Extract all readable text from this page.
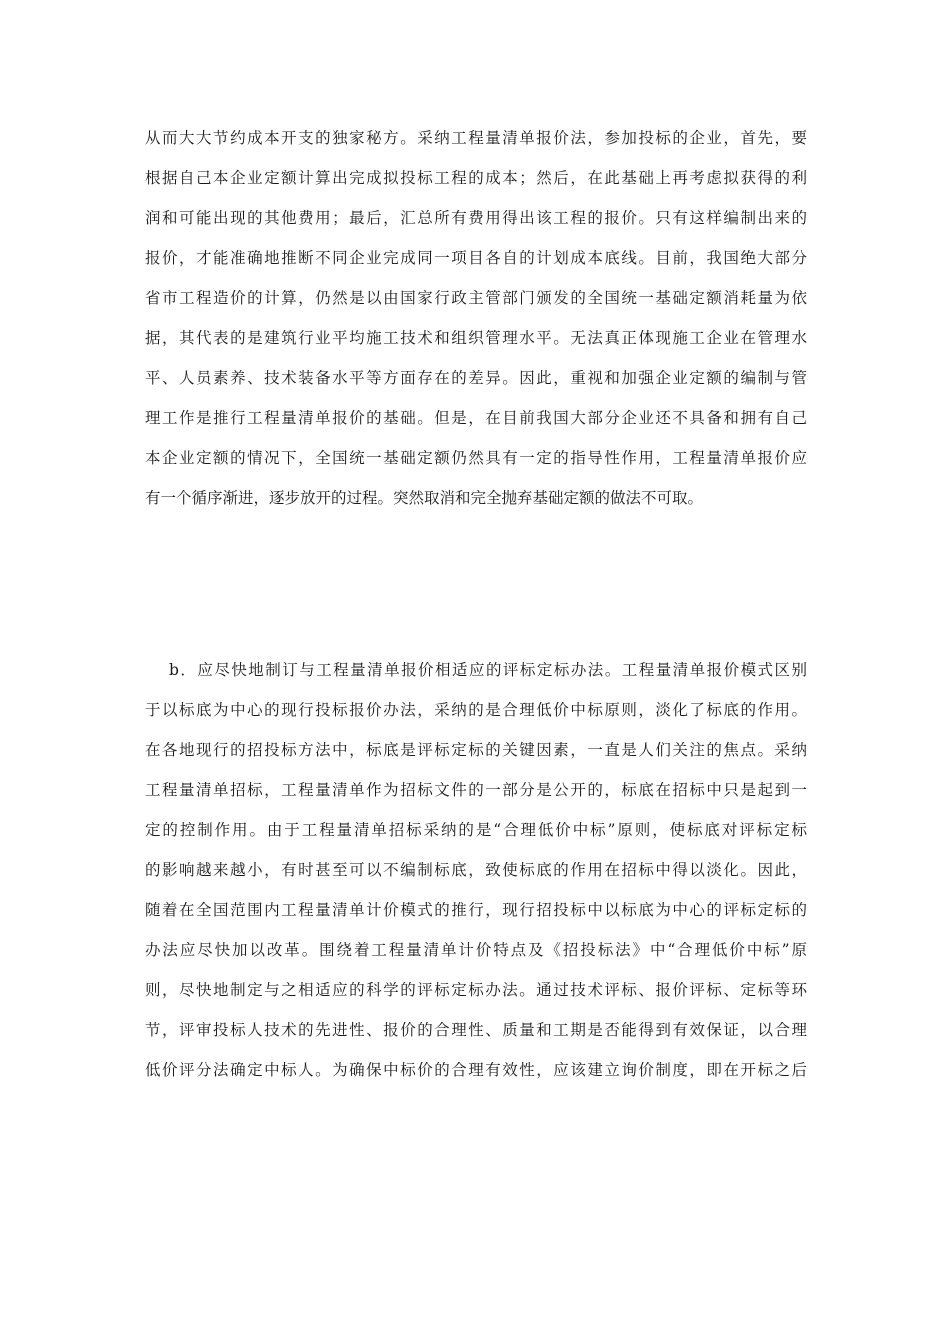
从而大大节约成本开支的独家秘方。采纳工程量清单报价法，参加投标的企业，首先，要
根据自己本企业定额计算出完成拟投标工程的成本；然后，在此基础上再考虑拟获得的利
润和可能出现的其他费用；最后，汇总所有费用得出该工程的报价。只有这样编制出来的
报价，才能准确地推断不同企业完成同一项目各自的计划成本底线。目前，我国绝大部分
省市工程造价的计算，仍然是以由国家行政主管部门颁发的全国统一基础定额消耗量为依
据，其代表的是建筑行业平均施工技术和组织管理水平。无法真正体现施工企业在管理水
平、人员素养、技术装备水平等方面存在的差异。因此，重视和加强企业定额的编制与管
理工作是推行工程量清单报价的基础。但是，在目前我国大部分企业还不具备和拥有自己
本企业定额的情况下，全国统一基础定额仍然具有一定的指导性作用，工程量清单报价应
有一个循序渐进，逐步放开的过程。突然取消和完全抛弃基础定额的做法不可取。
b．应尽快地制订与工程量清单报价相适应的评标定标办法。工程量清单报价模式区别
于以标底为中心的现行投标报价办法，采纳的是合理低价中标原则，淡化了标底的作用。
在各地现行的招投标方法中，标底是评标定标的关键因素，一直是人们关注的焦点。采纳
工程量清单招标，工程量清单作为招标文件的一部分是公开的，标底在招标中只是起到一
定的控制作用。由于工程量清单招标采纳的是“合理低价中标”原则，使标底对评标定标
的影响越来越小，有时甚至可以不编制标底，致使标底的作用在招标中得以淡化。因此，
随着在全国范围内工程量清单计价模式的推行，现行招投标中以标底为中心的评标定标的
办法应尽快加以改革。围绕着工程量清单计价特点及《招投标法》中“合理低价中标”原
则，尽快地制定与之相适应的科学的评标定标办法。通过技术评标、报价评标、定标等环
节，评审投标人技术的先进性、报价的合理性、质量和工期是否能得到有效保证，以合理
低价评分法确定中标人。为确保中标价的合理有效性，应该建立询价制度，即在开标之后
